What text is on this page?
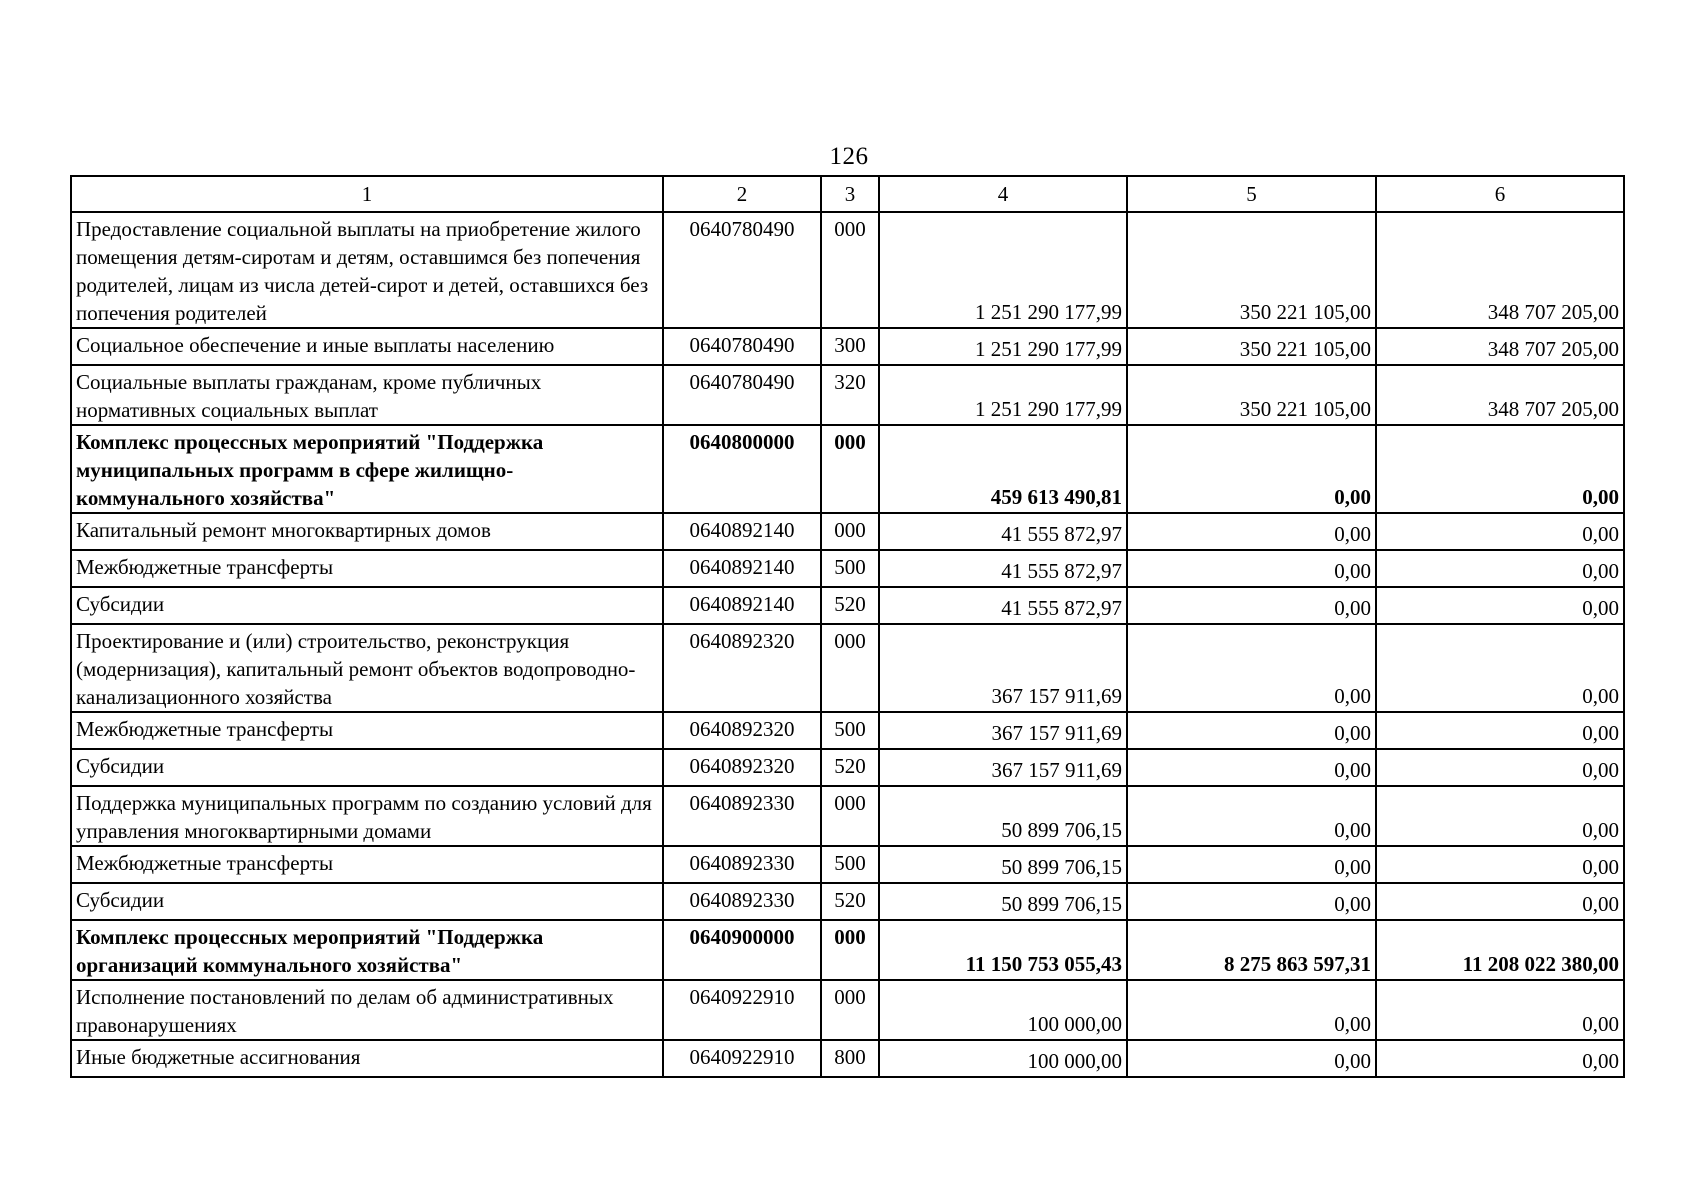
126
1	2	3	4	5	6
Предоставление социальной выплаты на приобретение жилого помещения детям-сиротам и детям, оставшимся без попечения родителей, лицам из числа детей-сирот и детей, оставшихся без попечения родителей	0640780490	000	1 251 290 177,99	350 221 105,00	348 707 205,00
Социальное обеспечение и иные выплаты населению	0640780490	300	1 251 290 177,99	350 221 105,00	348 707 205,00
Социальные выплаты гражданам, кроме публичных нормативных социальных выплат	0640780490	320	1 251 290 177,99	350 221 105,00	348 707 205,00
Комплекс процессных мероприятий "Поддержка муниципальных программ в сфере жилищно-коммунального хозяйства"	0640800000	000	459 613 490,81	0,00	0,00
Капитальный ремонт многоквартирных домов	0640892140	000	41 555 872,97	0,00	0,00
Межбюджетные трансферты	0640892140	500	41 555 872,97	0,00	0,00
Субсидии	0640892140	520	41 555 872,97	0,00	0,00
Проектирование и (или) строительство, реконструкция (модернизация), капитальный ремонт объектов водопроводно-канализационного хозяйства	0640892320	000	367 157 911,69	0,00	0,00
Межбюджетные трансферты	0640892320	500	367 157 911,69	0,00	0,00
Субсидии	0640892320	520	367 157 911,69	0,00	0,00
Поддержка муниципальных программ по созданию условий для управления многоквартирными домами	0640892330	000	50 899 706,15	0,00	0,00
Межбюджетные трансферты	0640892330	500	50 899 706,15	0,00	0,00
Субсидии	0640892330	520	50 899 706,15	0,00	0,00
Комплекс процессных мероприятий "Поддержка организаций коммунального хозяйства"	0640900000	000	11 150 753 055,43	8 275 863 597,31	11 208 022 380,00
Исполнение постановлений по делам об административных правонарушениях	0640922910	000	100 000,00	0,00	0,00
Иные бюджетные ассигнования	0640922910	800	100 000,00	0,00	0,00
